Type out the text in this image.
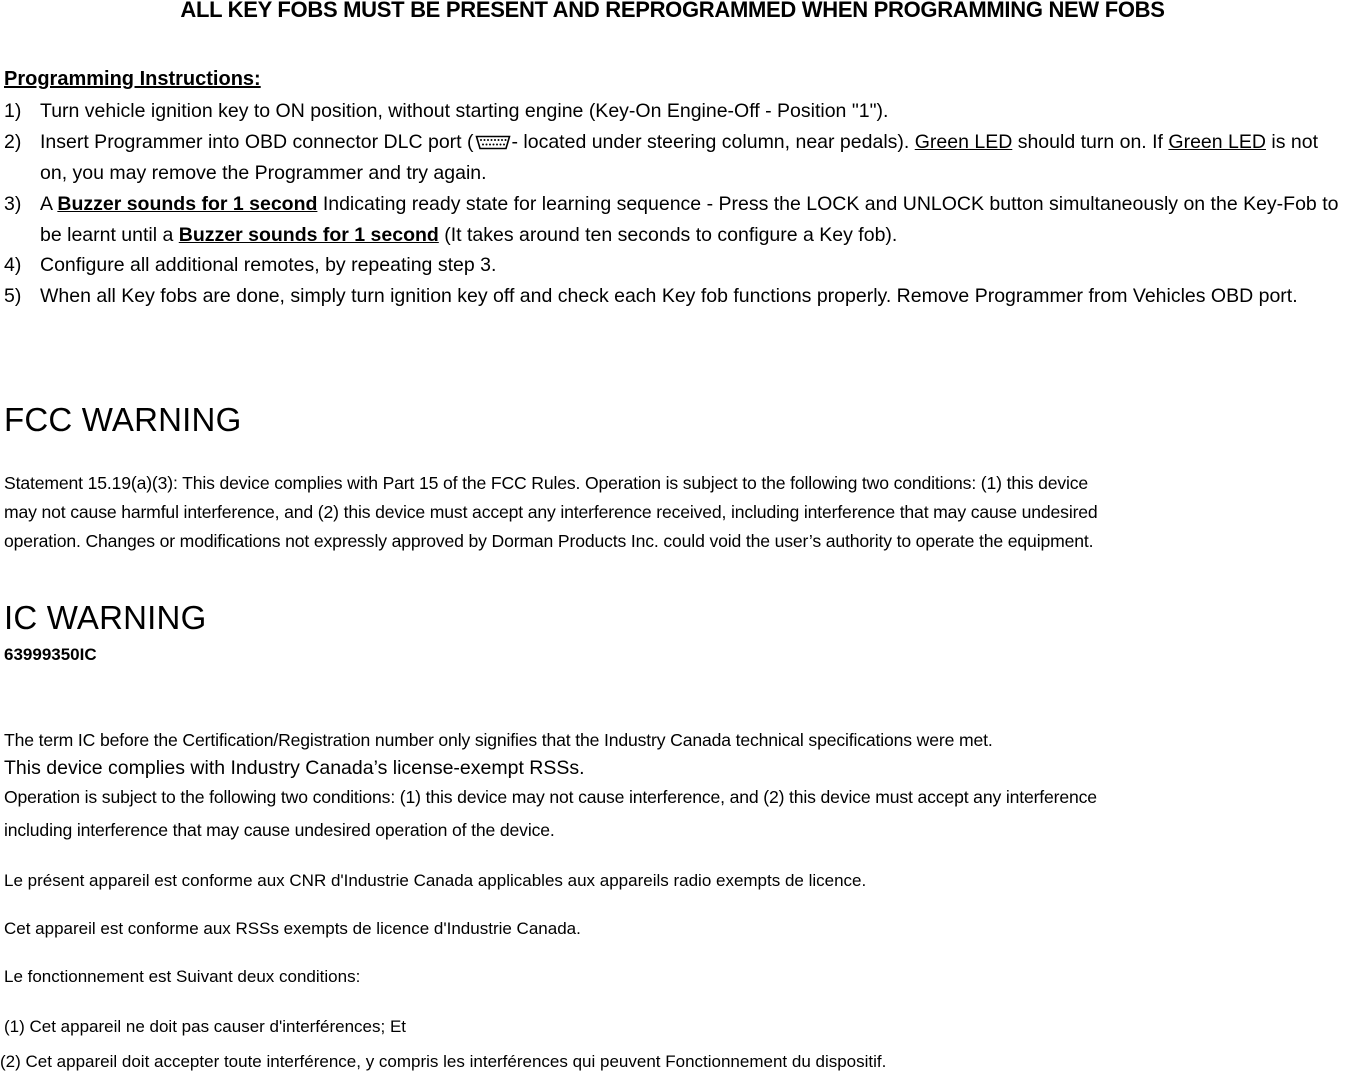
ALL KEY FOBS MUST BE PRESENT AND REPROGRAMMED WHEN PROGRAMMING NEW FOBS
Programming Instructions:
1) Turn vehicle ignition key to ON position, without starting engine (Key-On Engine-Off - Position "1").
2) Insert Programmer into OBD connector DLC port ( - located under steering column, near pedals). Green LED should turn on. If Green LED is not on, you may remove the Programmer and try again.
3) A Buzzer sounds for 1 second Indicating ready state for learning sequence - Press the LOCK and UNLOCK button simultaneously on the Key-Fob to be learnt until a Buzzer sounds for 1 second (It takes around ten seconds to configure a Key fob).
4) Configure all additional remotes, by repeating step 3.
5) When all Key fobs are done, simply turn ignition key off and check each Key fob functions properly. Remove Programmer from Vehicles OBD port.
FCC WARNING
Statement 15.19(a)(3): This device complies with Part 15 of the FCC Rules. Operation is subject to the following two conditions: (1) this device
may not cause harmful interference, and (2) this device must accept any interference received, including interference that may cause undesired
operation. Changes or modifications not expressly approved by Dorman Products Inc. could void the user’s authority to operate the equipment.
IC WARNING
63999350IC
The term IC before the Certification/Registration number only signifies that the Industry Canada technical specifications were met.
This device complies with Industry Canada’s license-exempt RSSs.
Operation is subject to the following two conditions: (1) this device may not cause interference, and (2) this device must accept any interference
including interference that may cause undesired operation of the device.
Le présent appareil est conforme aux CNR d'Industrie Canada applicables aux appareils radio exempts de licence.
Cet appareil est conforme aux RSSs exempts de licence d'Industrie Canada.
Le fonctionnement est Suivant deux conditions:
(1) Cet appareil ne doit pas causer d'interférences; Et
(2) Cet appareil doit accepter toute interférence, y compris les interférences qui peuvent Fonctionnement du dispositif.
